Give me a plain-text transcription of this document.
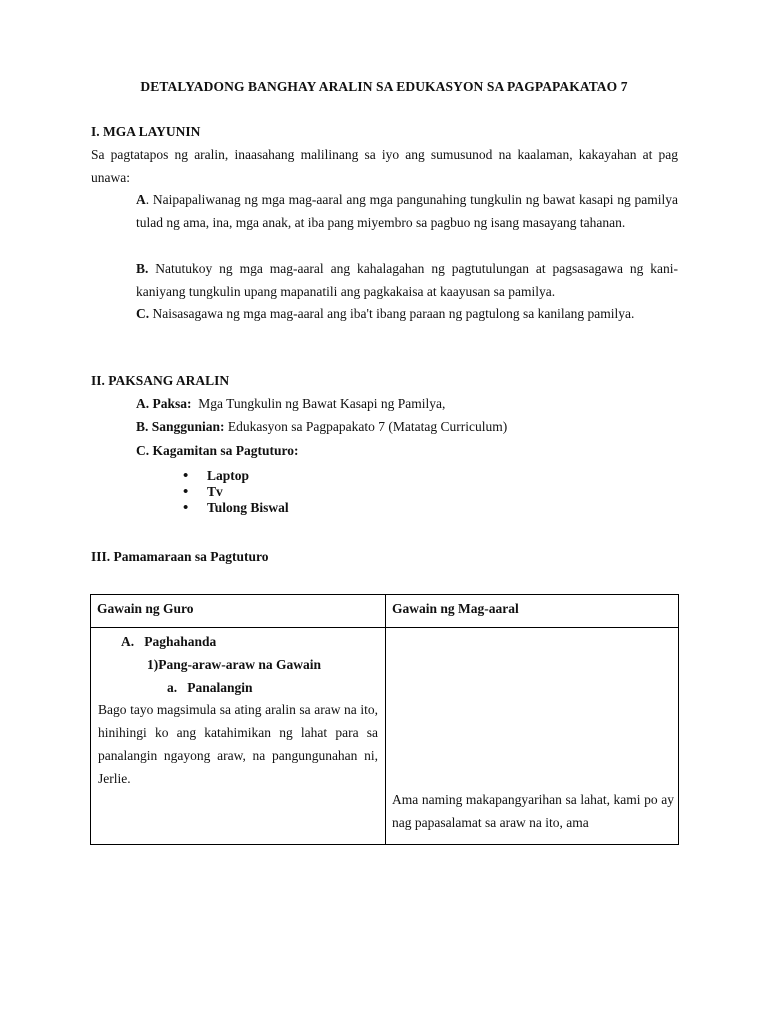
DETALYADONG BANGHAY ARALIN SA EDUKASYON SA PAGPAPAKATAO 7
I. MGA LAYUNIN
Sa pagtatapos ng aralin, inaasahang malilinang sa iyo ang sumusunod na kaalaman, kakayahan at pag unawa:
A. Naipapaliwanag ng mga mag-aaral ang mga pangunahing tungkulin ng bawat kasapi ng pamilya tulad ng ama, ina, mga anak, at iba pang miyembro sa pagbuo ng isang masayang tahanan.
B. Natutukoy ng mga mag-aaral ang kahalagahan ng pagtutulungan at pagsasagawa ng kani-kaniyang tungkulin upang mapanatili ang pagkakaisa at kaayusan sa pamilya.
C. Naisasagawa ng mga mag-aaral ang iba't ibang paraan ng pagtulong sa kanilang pamilya.
II. PAKSANG ARALIN
A. Paksa:  Mga Tungkulin ng Bawat Kasapi ng Pamilya,
B. Sanggunian: Edukasyon sa Pagpapakato 7 (Matatag Curriculum)
C. Kagamitan sa Pagtuturo:
• Laptop
• Tv
• Tulong Biswal
III. Pamamaraan sa Pagtuturo
Gawain ng Guro	Gawain ng Mag-aaral

A.   Paghahanda
1)Pang-araw-araw na Gawain
a.   Panalangin
Bago tayo magsimula sa ating aralin sa araw na ito, hinihingi ko ang katahimikan ng lahat para sa panalangin ngayong araw, na pangungunahan ni, Jerlie.	Ama naming makapangyarihan sa lahat, kami po ay nag papasalamat sa araw na ito, ama
